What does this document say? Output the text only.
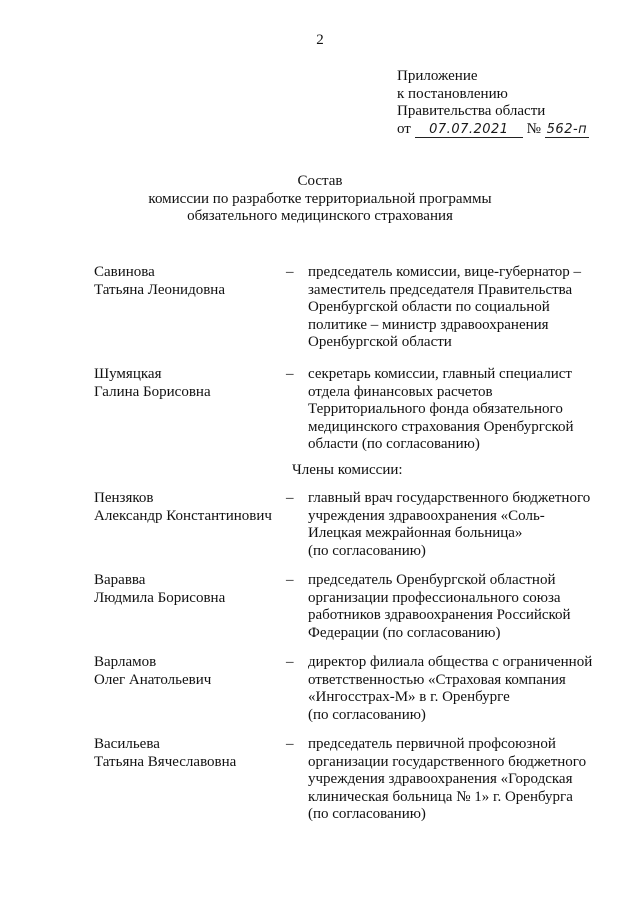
2
Приложение
к постановлению
Правительства области
от 07.07.2021 № 562-п
Состав
комиссии по разработке территориальной программы
обязательного медицинского страхования
Савинова
Татьяна Леонидовна
– председатель комиссии, вице-губернатор –
заместитель председателя Правительства
Оренбургской области по социальной
политике – министр здравоохранения
Оренбургской области
Шумяцкая
Галина Борисовна
– секретарь комиссии, главный специалист
отдела финансовых расчетов
Территориального фонда обязательного
медицинского страхования Оренбургской
области (по согласованию)
Пензяков
Александр Константинович
– главный врач государственного бюджетного
учреждения здравоохранения «Соль-
Илецкая межрайонная больница»
(по согласованию)
Варавва
Людмила Борисовна
– председатель Оренбургской областной
организации профессионального союза
работников здравоохранения Российской
Федерации (по согласованию)
Варламов
Олег Анатольевич
– директор филиала общества с ограниченной
ответственностью «Страховая компания
«Ингосстрах-М» в г. Оренбурге
(по согласованию)
Васильева
Татьяна Вячеславовна
– председатель первичной профсоюзной
организации государственного бюджетного
учреждения здравоохранения «Городская
клиническая больница № 1» г. Оренбурга
(по согласованию)
Члены комиссии:
